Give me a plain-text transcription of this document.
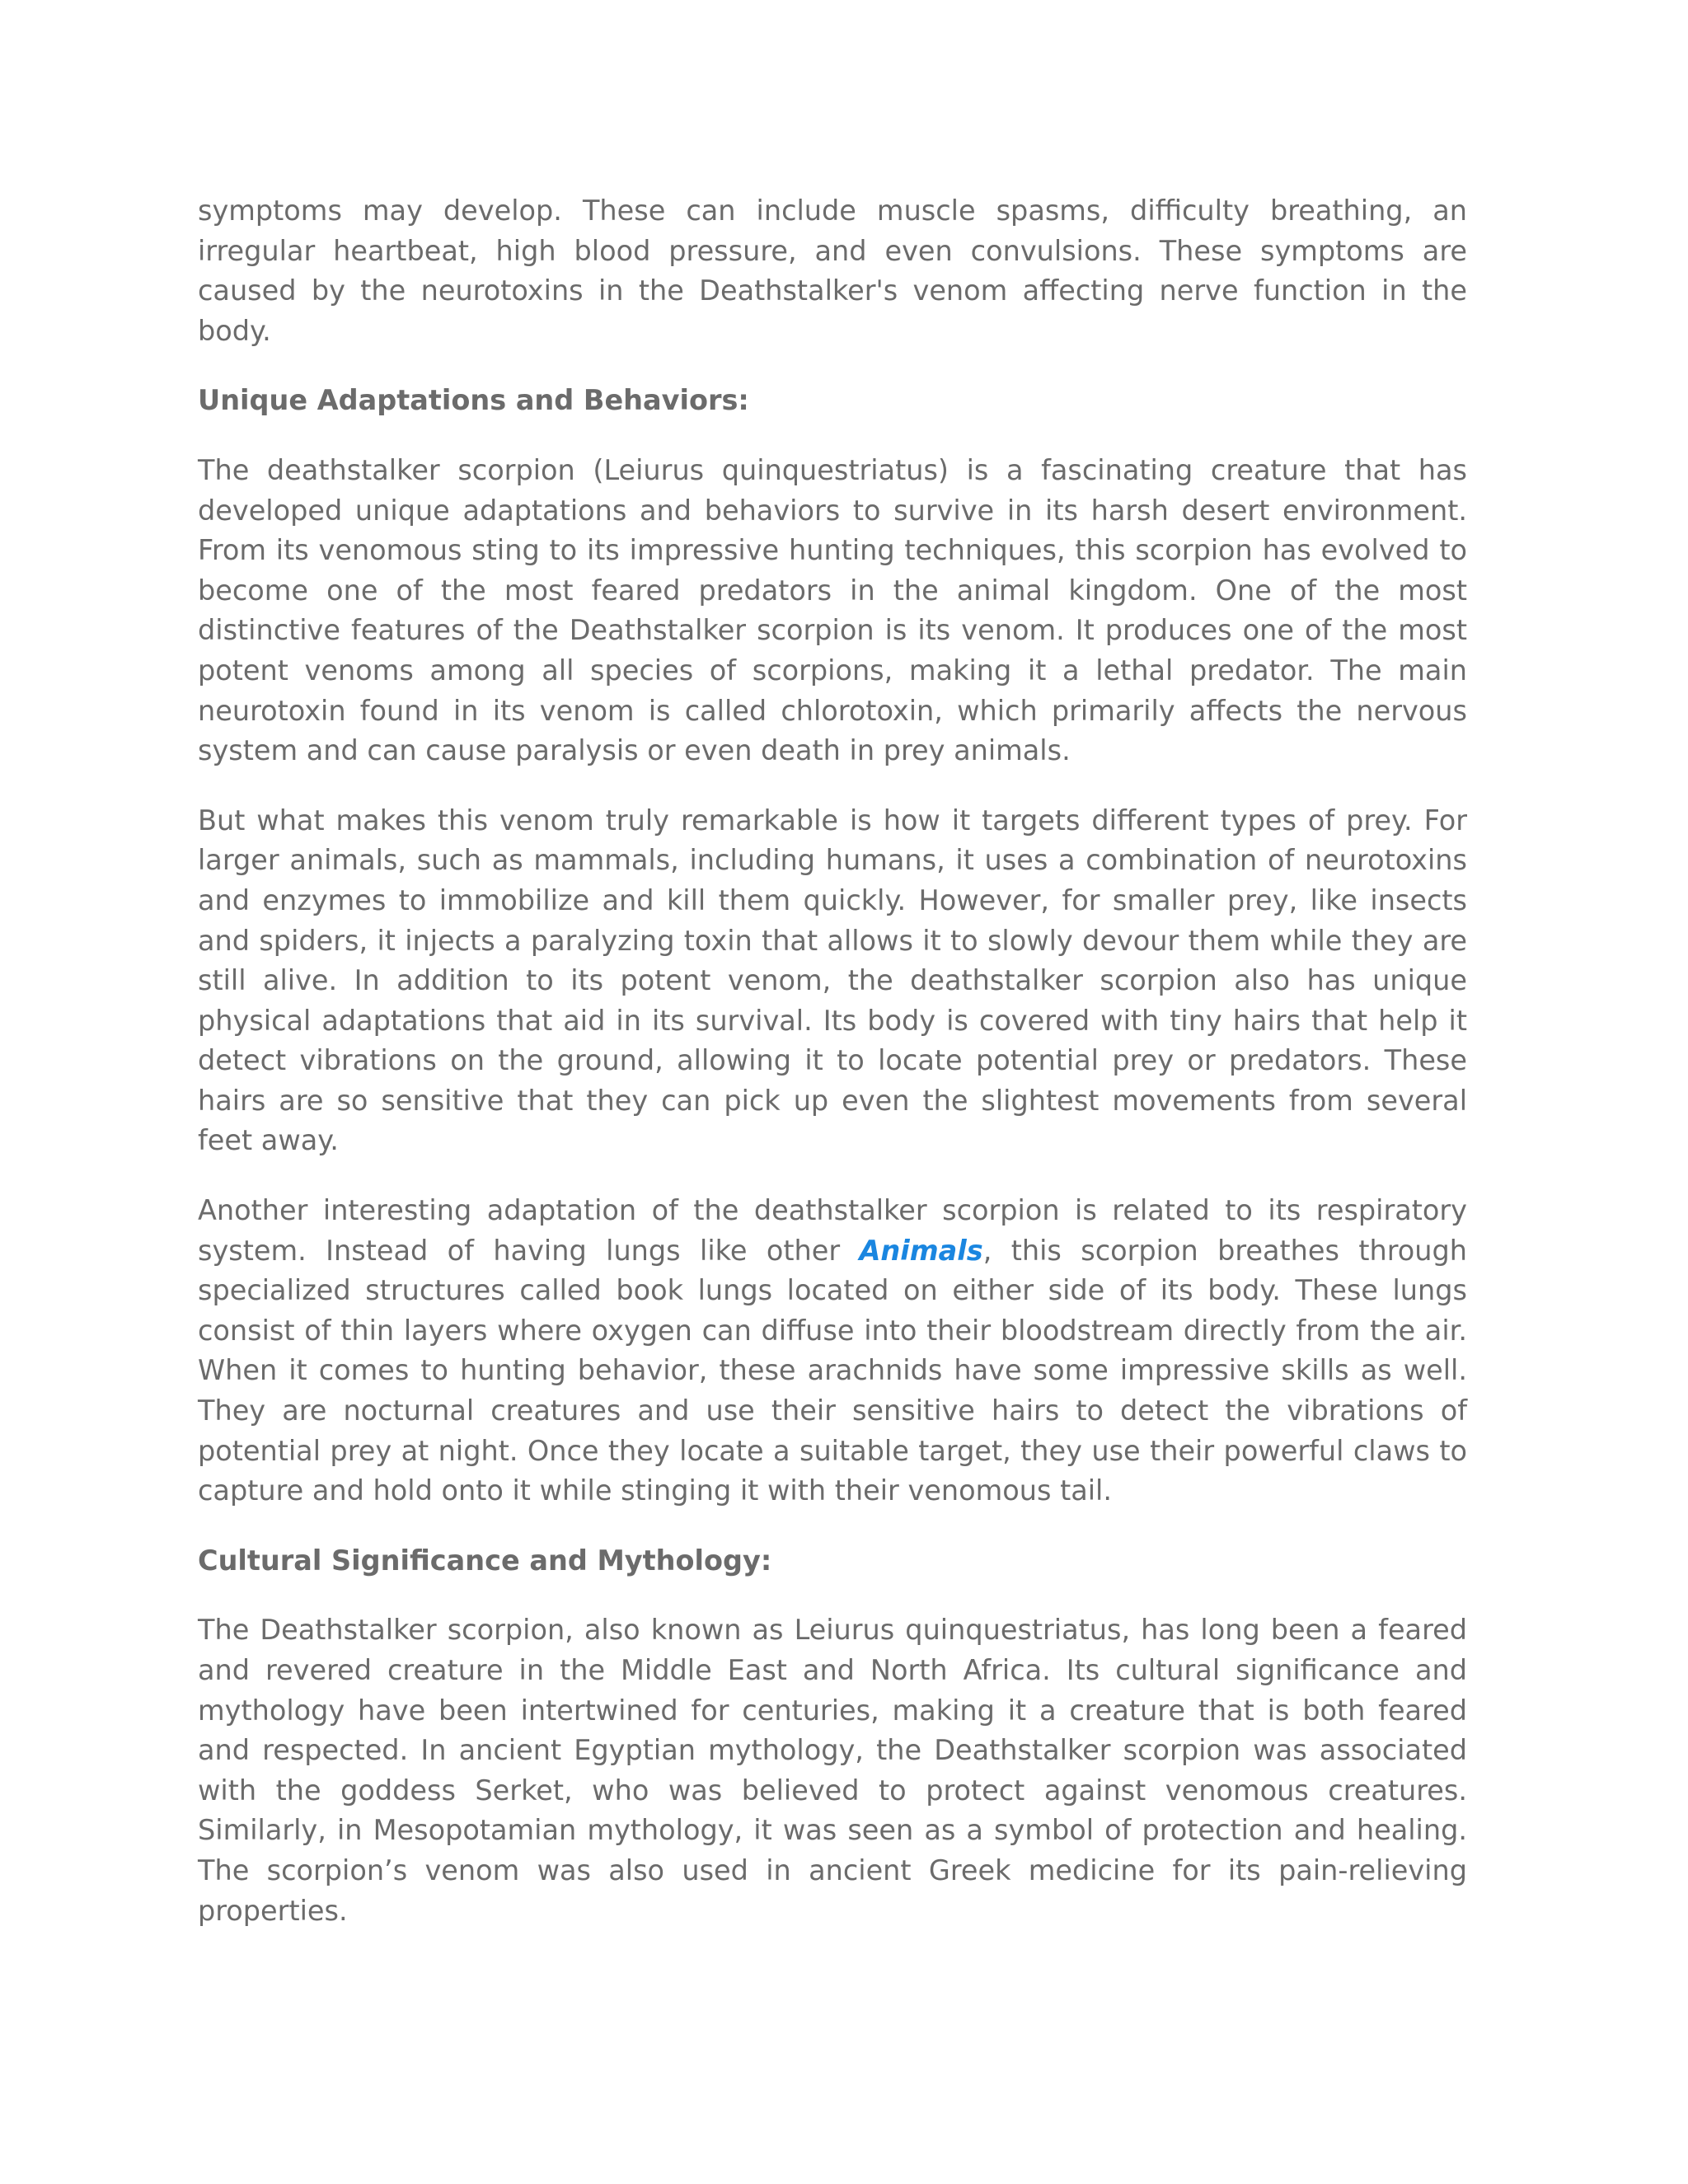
symptoms may develop. These can include muscle spasms, difficulty breathing, an irregular heartbeat, high blood pressure, and even convulsions. These symptoms are caused by the neurotoxins in the Deathstalker's venom affecting nerve function in the body.

Unique Adaptations and Behaviors:

The deathstalker scorpion (Leiurus quinquestriatus) is a fascinating creature that has developed unique adaptations and behaviors to survive in its harsh desert environment. From its venomous sting to its impressive hunting techniques, this scorpion has evolved to become one of the most feared predators in the animal kingdom. One of the most distinctive features of the Deathstalker scorpion is its venom. It produces one of the most potent venoms among all species of scorpions, making it a lethal predator. The main neurotoxin found in its venom is called chlorotoxin, which primarily affects the nervous system and can cause paralysis or even death in prey animals.

But what makes this venom truly remarkable is how it targets different types of prey. For larger animals, such as mammals, including humans, it uses a combination of neurotoxins and enzymes to immobilize and kill them quickly. However, for smaller prey, like insects and spiders, it injects a paralyzing toxin that allows it to slowly devour them while they are still alive. In addition to its potent venom, the deathstalker scorpion also has unique physical adaptations that aid in its survival. Its body is covered with tiny hairs that help it detect vibrations on the ground, allowing it to locate potential prey or predators. These hairs are so sensitive that they can pick up even the slightest movements from several feet away.

Another interesting adaptation of the deathstalker scorpion is related to its respiratory system. Instead of having lungs like other Animals, this scorpion breathes through specialized structures called book lungs located on either side of its body. These lungs consist of thin layers where oxygen can diffuse into their bloodstream directly from the air. When it comes to hunting behavior, these arachnids have some impressive skills as well. They are nocturnal creatures and use their sensitive hairs to detect the vibrations of potential prey at night. Once they locate a suitable target, they use their powerful claws to capture and hold onto it while stinging it with their venomous tail.

Cultural Significance and Mythology:

The Deathstalker scorpion, also known as Leiurus quinquestriatus, has long been a feared and revered creature in the Middle East and North Africa. Its cultural significance and mythology have been intertwined for centuries, making it a creature that is both feared and respected. In ancient Egyptian mythology, the Deathstalker scorpion was associated with the goddess Serket, who was believed to protect against venomous creatures. Similarly, in Mesopotamian mythology, it was seen as a symbol of protection and healing. The scorpion’s venom was also used in ancient Greek medicine for its pain-relieving properties.
